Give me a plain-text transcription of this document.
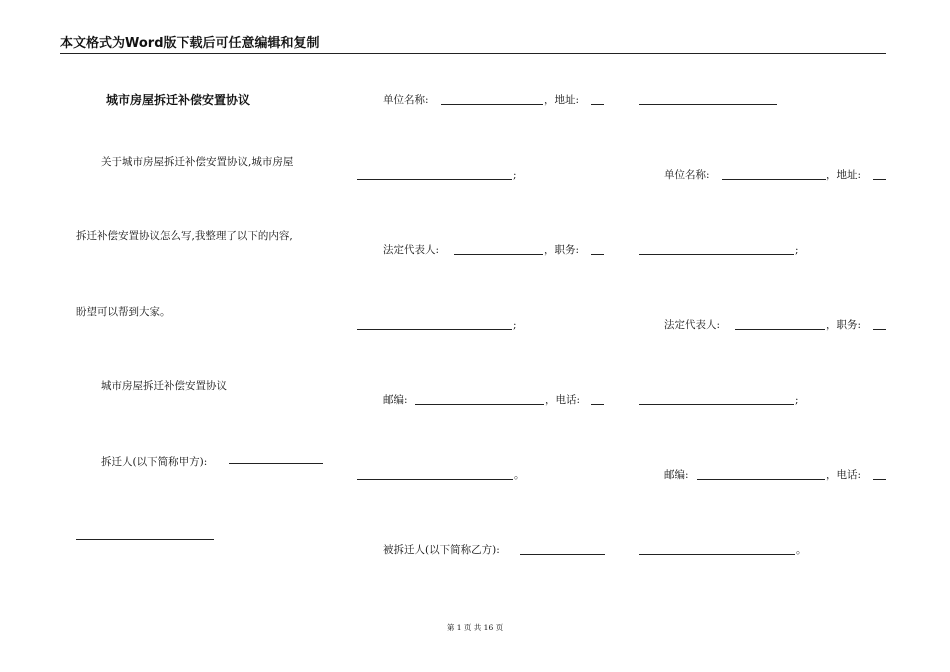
本文格式为Word版下载后可任意编辑和复制
城市房屋拆迁补偿安置协议
关于城市房屋拆迁补偿安置协议,城市房屋
拆迁补偿安置协议怎么写,我整理了以下的内容,
盼望可以帮到大家。
城市房屋拆迁补偿安置协议
拆迁人(以下简称甲方):
单位名称:	，地址:
;
法定代表人:	，职务:
;
邮编:	，电话:
。
被拆迁人(以下简称乙方):
单位名称:	，地址:
;
法定代表人:	，职务:
;
邮编:	，电话:
。
第 1 页 共 16 页
